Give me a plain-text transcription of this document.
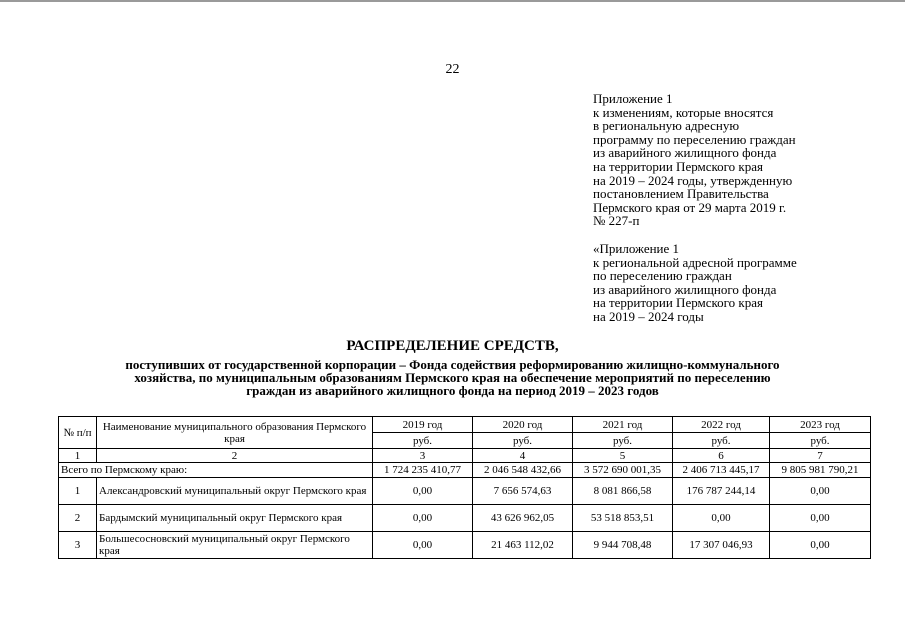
22
Приложение 1
к изменениям, которые вносятся
в региональную адресную
программу по переселению граждан
из аварийного жилищного фонда
на территории Пермского края
на 2019 – 2024 годы, утвержденную
постановлением Правительства
Пермского края от 29 марта 2019 г.
№ 227-п
«Приложение 1
к региональной адресной программе
по переселению граждан
из аварийного жилищного фонда
на территории Пермского края
на 2019 – 2024 годы
РАСПРЕДЕЛЕНИЕ СРЕДСТВ,
поступивших от государственной корпорации – Фонда содействия реформированию жилищно-коммунального
хозяйства, по муниципальным образованиям Пермского края на обеспечение мероприятий по переселению
граждан из аварийного жилищного фонда на период 2019 – 2023 годов
№ п/п	Наименование муниципального образования Пермского края	2019 год	2020 год	2021 год	2022 год	2023 год
		руб.	руб.	руб.	руб.	руб.
1	2	3	4	5	6	7
Всего по Пермскому краю:		1 724 235 410,77	2 046 548 432,66	3 572 690 001,35	2 406 713 445,17	9 805 981 790,21
1	Александровский муниципальный округ Пермского края	0,00	7 656 574,63	8 081 866,58	176 787 244,14	0,00
2	Бардымский муниципальный округ Пермского края	0,00	43 626 962,05	53 518 853,51	0,00	0,00
3	Большесосновский муниципальный округ Пермского края	0,00	21 463 112,02	9 944 708,48	17 307 046,93	0,00
